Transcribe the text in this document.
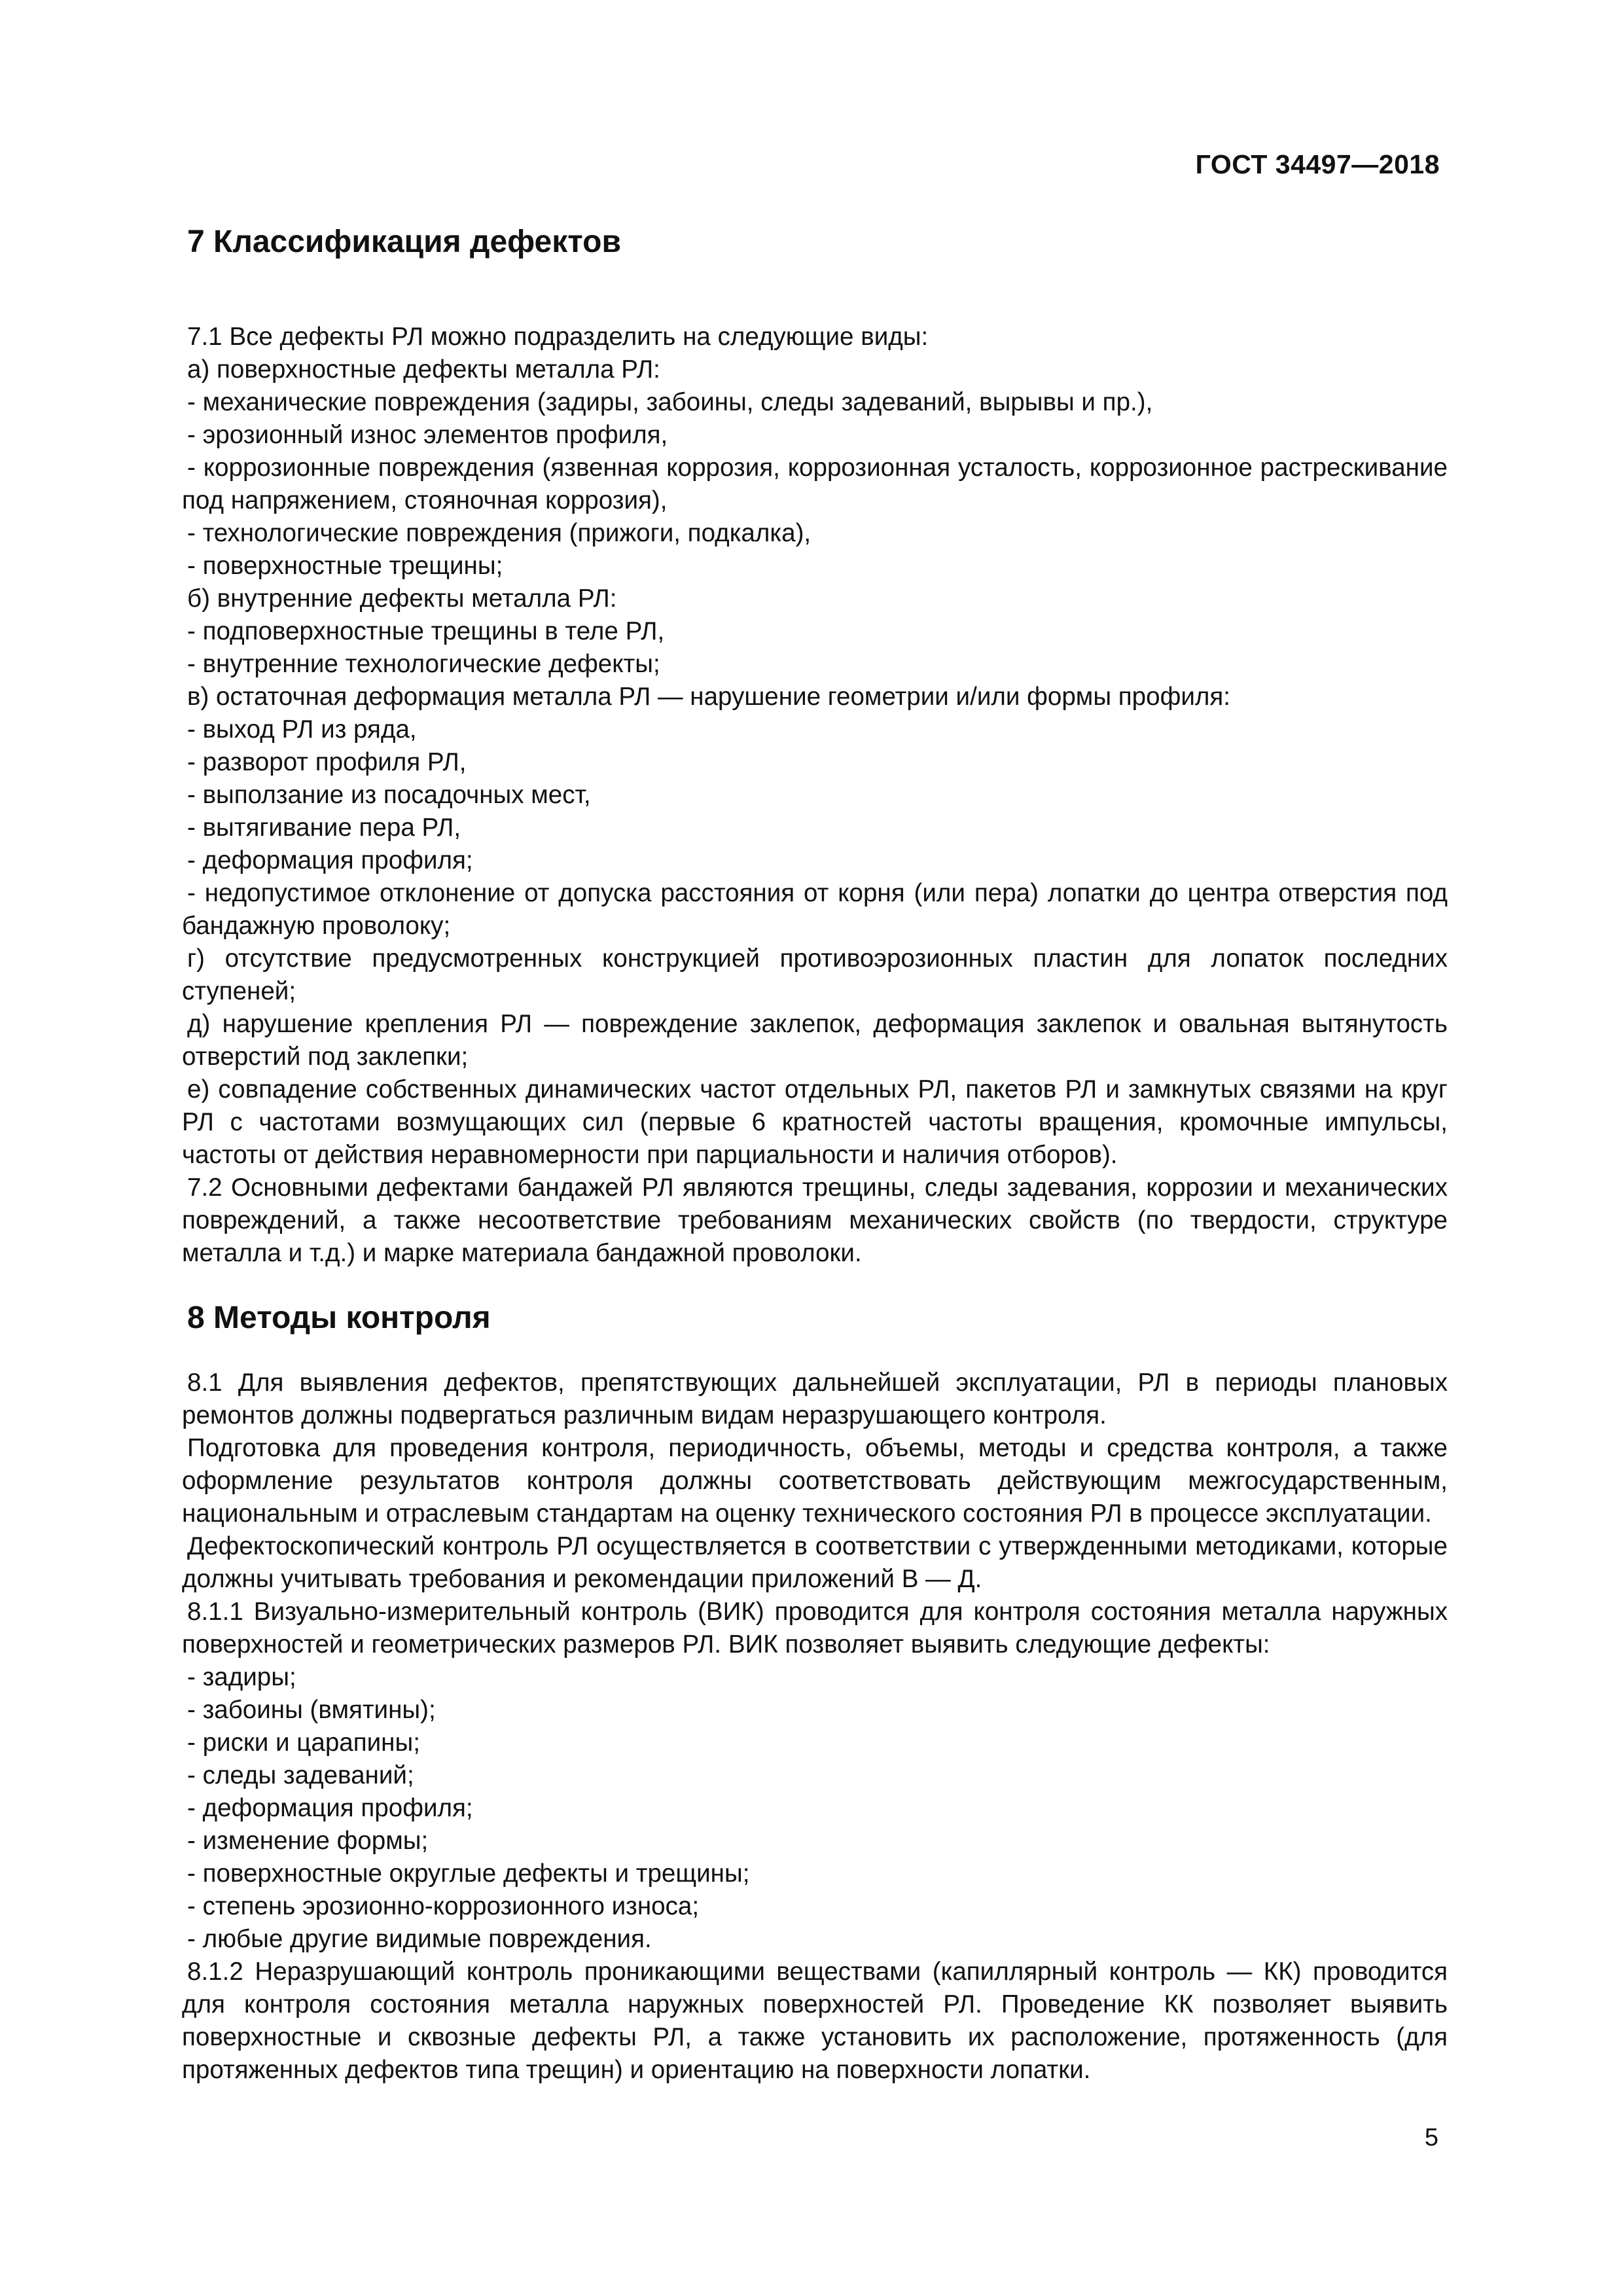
ГОСТ 34497—2018
7 Классификация дефектов

7.1 Все дефекты РЛ можно подразделить на следующие виды:

а) поверхностные дефекты металла РЛ:

- механические повреждения (задиры, забоины, следы задеваний, вырывы и пр.),

- эрозионный износ элементов профиля,

- коррозионные повреждения (язвенная коррозия, коррозионная усталость, коррозионное растрескивание под напряжением, стояночная коррозия),

- технологические повреждения (прижоги, подкалка),

- поверхностные трещины;

б) внутренние дефекты металла РЛ:

- подповерхностные трещины в теле РЛ,

- внутренние технологические дефекты;

в) остаточная деформация металла РЛ — нарушение геометрии и/или формы профиля:

- выход РЛ из ряда,

- разворот профиля РЛ,

- выползание из посадочных мест,

- вытягивание пера РЛ,

- деформация профиля;

- недопустимое отклонение от допуска расстояния от корня (или пера) лопатки до центра отверстия под бандажную проволоку;

г) отсутствие предусмотренных конструкцией противоэрозионных пластин для лопаток последних ступеней;

д) нарушение крепления РЛ — повреждение заклепок, деформация заклепок и овальная вытянутость отверстий под заклепки;

е) совпадение собственных динамических частот отдельных РЛ, пакетов РЛ и замкнутых связями на круг РЛ с частотами возмущающих сил (первые 6 кратностей частоты вращения, кромочные импульсы, частоты от действия неравномерности при парциальности и наличия отборов).

7.2 Основными дефектами бандажей РЛ являются трещины, следы задевания, коррозии и механических повреждений, а также несоответствие требованиям механических свойств (по твердости, структуре металла и т.д.) и марке материала бандажной проволоки.

8 Методы контроля

8.1 Для выявления дефектов, препятствующих дальнейшей эксплуатации, РЛ в периоды плановых ремонтов должны подвергаться различным видам неразрушающего контроля.

Подготовка для проведения контроля, периодичность, объемы, методы и средства контроля, а также оформление результатов контроля должны соответствовать действующим межгосударственным, национальным и отраслевым стандартам на оценку технического состояния РЛ в процессе эксплуатации.

Дефектоскопический контроль РЛ осуществляется в соответствии с утвержденными методиками, которые должны учитывать требования и рекомендации приложений В — Д.

8.1.1 Визуально-измерительный контроль (ВИК) проводится для контроля состояния металла наружных поверхностей и геометрических размеров РЛ. ВИК позволяет выявить следующие дефекты:

- задиры;

- забоины (вмятины);

- риски и царапины;

- следы задеваний;

- деформация профиля;

- изменение формы;

- поверхностные округлые дефекты и трещины;

- степень эрозионно-коррозионного износа;

- любые другие видимые повреждения.

8.1.2 Неразрушающий контроль проникающими веществами (капиллярный контроль — КК) проводится для контроля состояния металла наружных поверхностей РЛ. Проведение КК позволяет выявить поверхностные и сквозные дефекты РЛ, а также установить их расположение, протяженность (для протяженных дефектов типа трещин) и ориентацию на поверхности лопатки.

5
